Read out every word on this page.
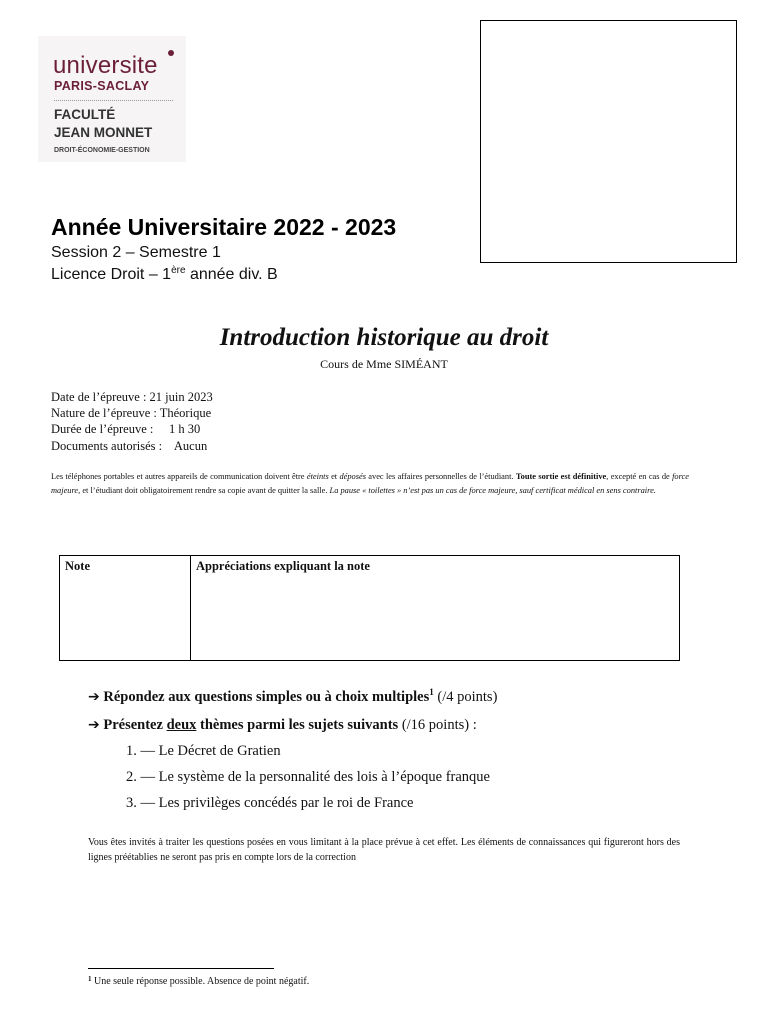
universite
PARIS-SACLAY
FACULTÉ
JEAN MONNET
DROIT-ÉCONOMIE-GESTION
Année Universitaire 2022 - 2023
Session 2 – Semestre 1
Licence Droit – 1ère année div. B
Introduction historique au droit
Cours de Mme SIMÉANT
Date de l’épreuve : 21 juin 2023
Nature de l’épreuve : Théorique
Durée de l’épreuve :     1 h 30
Documents autorisés :    Aucun
Les téléphones portables et autres appareils de communication doivent être éteints et déposés avec les affaires personnelles de l’étudiant. Toute sortie est définitive, excepté en cas de force majeure, et l’étudiant doit obligatoirement rendre sa copie avant de quitter la salle. La pause « toilettes » n’est pas un cas de force majeure, sauf certificat médical en sens contraire.
Note	Appréciations expliquant la note
➔ Répondez aux questions simples ou à choix multiples$^1$ (/4 points)
➔ Présentez deux thèmes parmi les sujets suivants (/16 points) :
1. — Le Décret de Gratien
2. — Le système de la personnalité des lois à l’époque franque
3. — Les privilèges concédés par le roi de France
Vous êtes invités à traiter les questions posées en vous limitant à la place prévue à cet effet. Les éléments de connaissances qui figureront hors des lignes préétablies ne seront pas pris en compte lors de la correction
$^1$ Une seule réponse possible. Absence de point négatif.
